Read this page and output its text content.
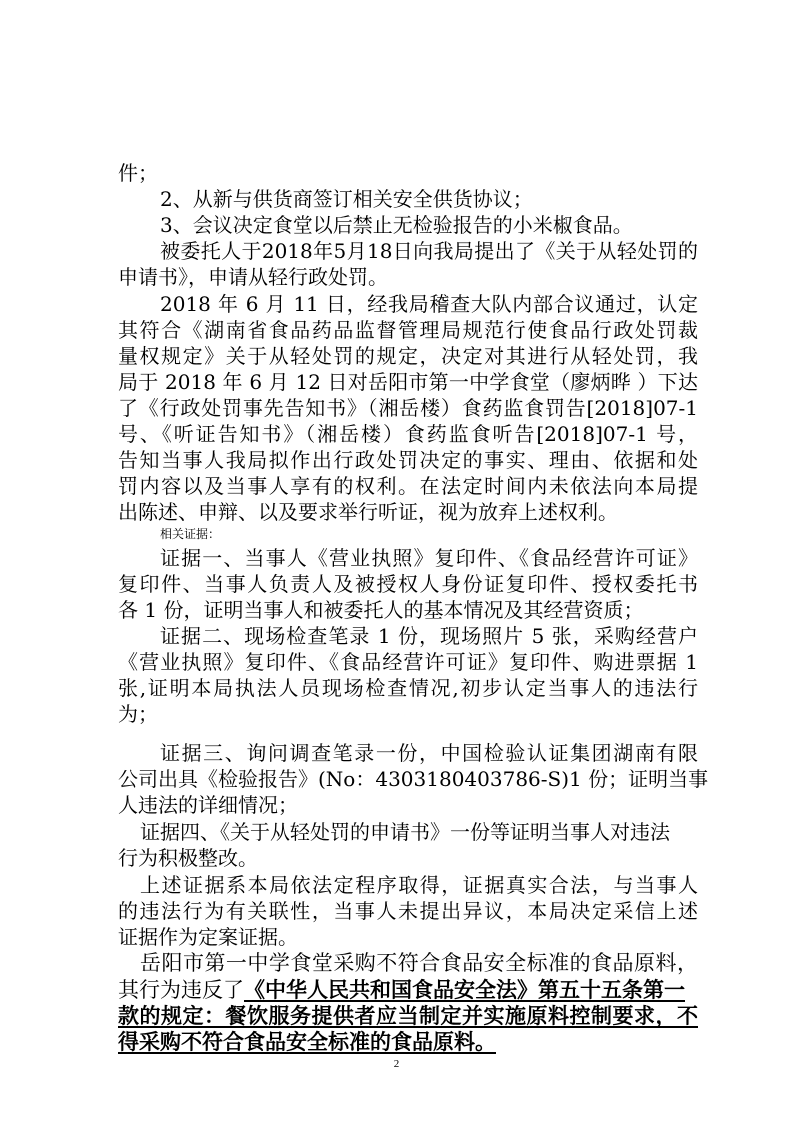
件；
2、从新与供货商签订相关安全供货协议；
3、会议决定食堂以后禁止无检验报告的小米椒食品。
被委托人于2018年5月18日向我局提出了《关于从轻处罚的
申请书》，申请从轻行政处罚。
2018 年 6 月 11 日，经我局稽查大队内部合议通过，认定
其符合《湖南省食品药品监督管理局规范行使食品行政处罚裁
量权规定》关于从轻处罚的规定，决定对其进行从轻处罚，我
局于 2018 年 6 月 12 日对岳阳市第一中学食堂（廖炳晔 ）下达
了《行政处罚事先告知书》（湘岳楼）食药监食罚告[2018]07-1
号、《听证告知书》（湘岳楼）食药监食听告[2018]07-1 号，
告知当事人我局拟作出行政处罚决定的事实、理由、依据和处
罚内容以及当事人享有的权利。在法定时间内未依法向本局提
出陈述、申辩、以及要求举行听证，视为放弃上述权利。
相关证据：
证据一、当事人《营业执照》复印件、《食品经营许可证》
复印件、当事人负责人及被授权人身份证复印件、授权委托书
各 1 份，证明当事人和被委托人的基本情况及其经营资质；
证据二、现场检查笔录 1 份，现场照片 5 张，采购经营户
《营业执照》复印件、《食品经营许可证》复印件、购进票据 1
张,证明本局执法人员现场检查情况,初步认定当事人的违法行
为；
证据三、询问调查笔录一份，中国检验认证集团湖南有限
公司出具《检验报告》(No：4303180403786-S)1 份；证明当事
人违法的详细情况；
证据四、《关于从轻处罚的申请书》一份等证明当事人对违法
行为积极整改。
上述证据系本局依法定程序取得，证据真实合法，与当事人
的违法行为有关联性，当事人未提出异议，本局决定采信上述
证据作为定案证据。
岳阳市第一中学食堂采购不符合食品安全标准的食品原料，
其行为违反了《中华人民共和国食品安全法》第五十五条第一
款的规定：餐饮服务提供者应当制定并实施原料控制要求，不
得采购不符合食品安全标准的食品原料。
2
